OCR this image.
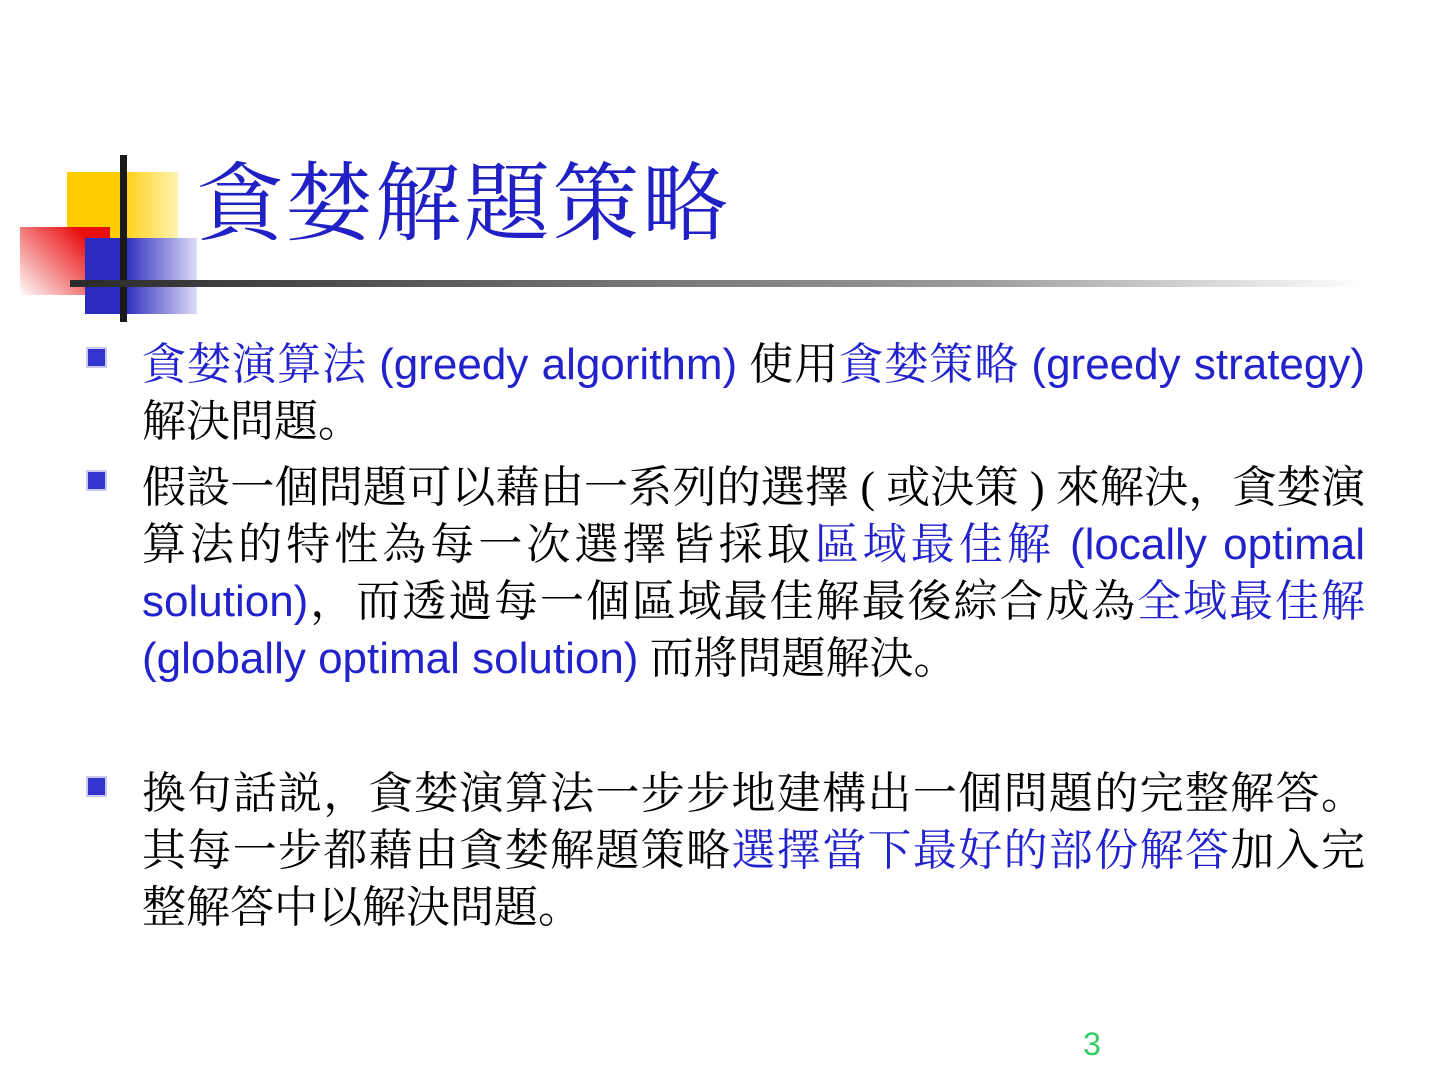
貪婪解題策略
貪婪演算法 (greedy algorithm) 使用貪婪策略 (greedy strategy) 解決問題。
假設一個問題可以藉由一系列的選擇 ( 或決策 ) 來解決，貪婪演算法的特性為每一次選擇皆採取區域最佳解 (locally optimal solution)，而透過每一個區域最佳解最後綜合成為全域最佳解 (globally optimal solution) 而將問題解決。
換句話説，貪婪演算法一步步地建構出一個問題的完整解答。其每一步都藉由貪婪解題策略選擇當下最好的部份解答加入完整解答中以解決問題。
3
